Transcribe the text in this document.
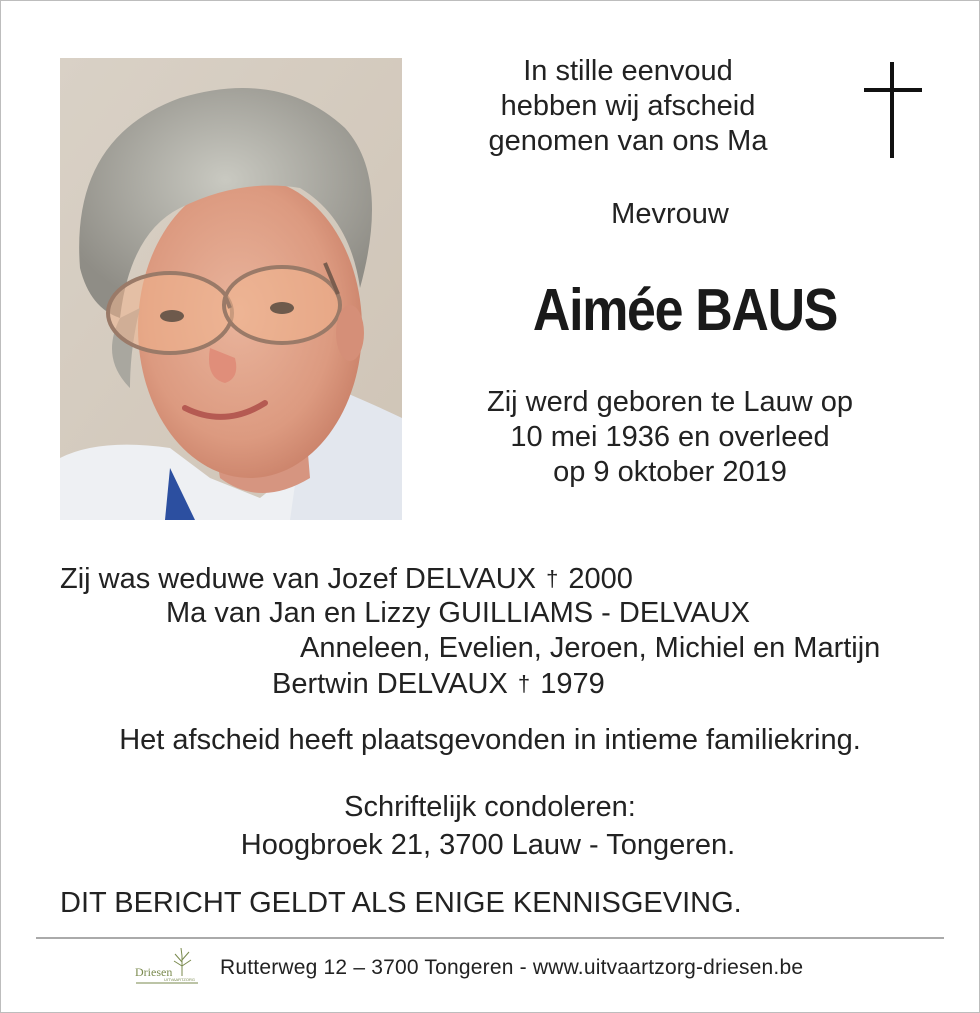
In stille eenvoud
hebben wij afscheid
genomen van ons Ma
Mevrouw
Aimée BAUS
Zij werd geboren te Lauw op
10 mei 1936 en overleed
op 9 oktober 2019
Zij was weduwe van Jozef DELVAUX † 2000
Ma van Jan en Lizzy GUILLIAMS - DELVAUX
Anneleen, Evelien, Jeroen, Michiel en Martijn
Bertwin DELVAUX † 1979
Het afscheid heeft plaatsgevonden in intieme familiekring.
Schriftelijk condoleren:
Hoogbroek 21, 3700 Lauw - Tongeren.
DIT BERICHT GELDT ALS ENIGE KENNISGEVING.
Driesen
UITVAARTZORG
Rutterweg 12 – 3700 Tongeren - www.uitvaartzorg-driesen.be
